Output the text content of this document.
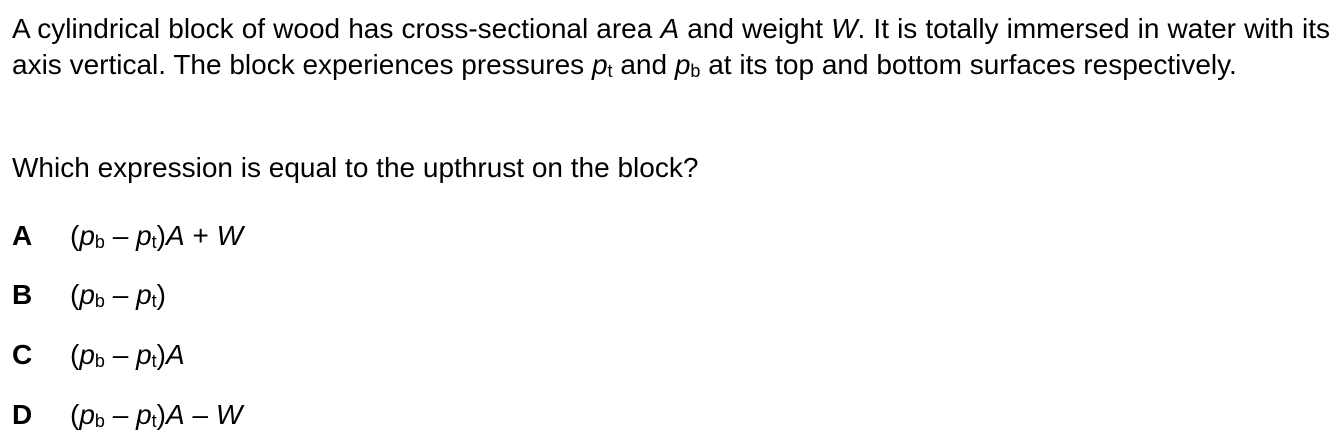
A cylindrical block of wood has cross-sectional area A and weight W. It is totally immersed in water with its axis vertical. The block experiences pressures pt and pb at its top and bottom surfaces respectively.

Which expression is equal to the upthrust on the block?

A (pb – pt)A + W
B (pb – pt)
C (pb – pt)A
D (pb – pt)A – W
